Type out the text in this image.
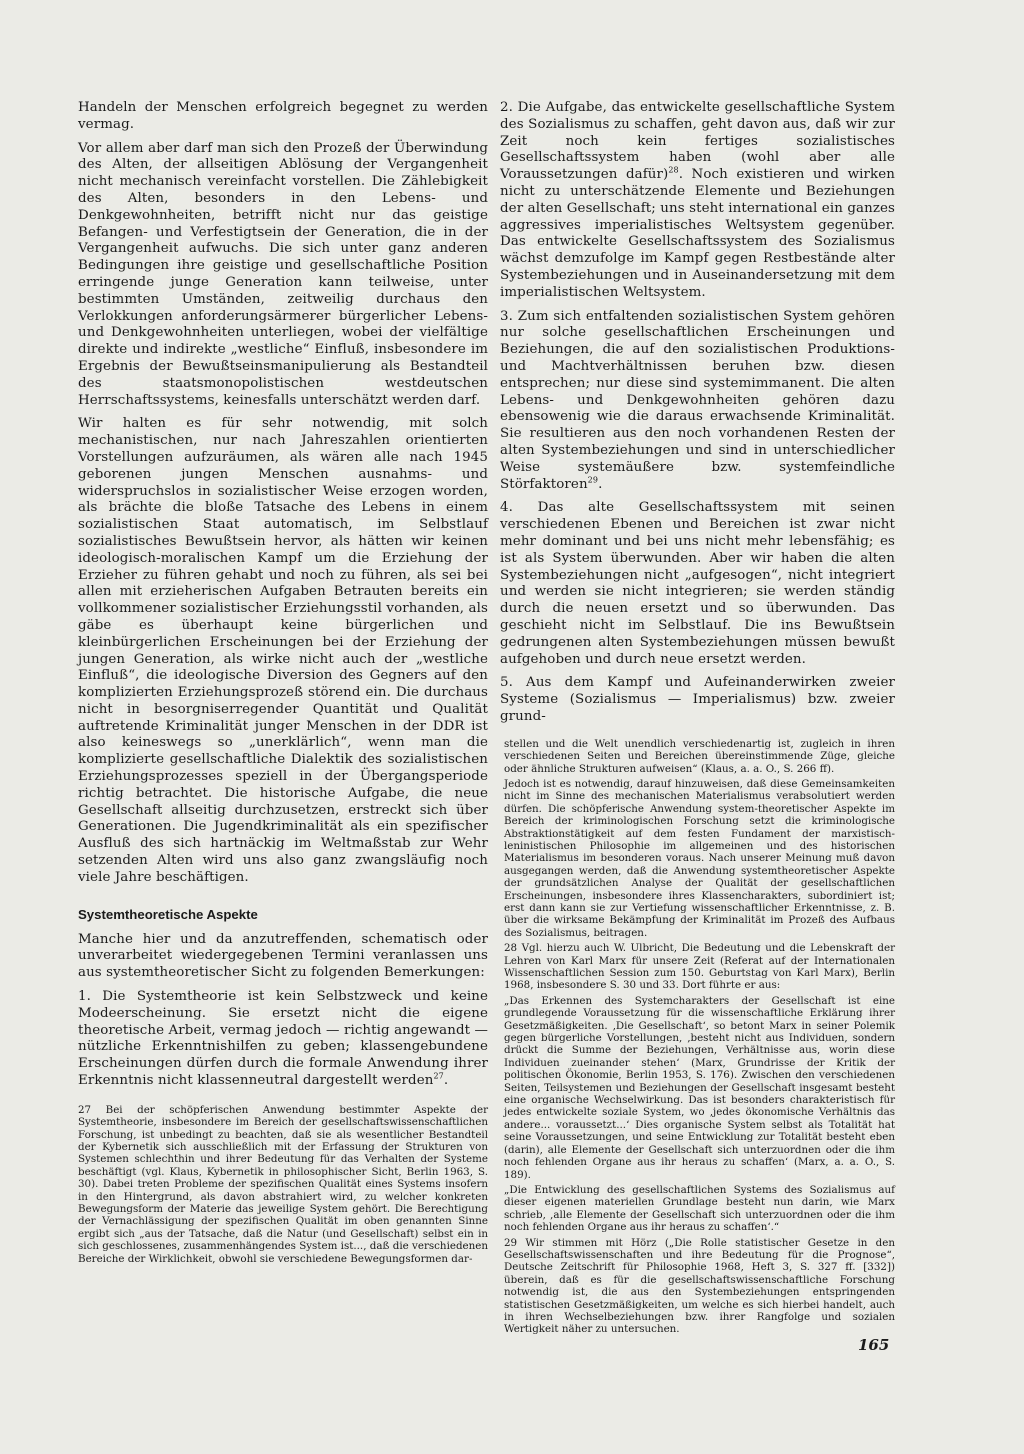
Handeln der Menschen erfolgreich begegnet zu werden vermag.

Vor allem aber darf man sich den Prozeß der Überwindung des Alten, der allseitigen Ablösung der Vergangenheit nicht mechanisch vereinfacht vorstellen. Die Zählebigkeit des Alten, besonders in den Lebens- und Denkgewohnheiten, betrifft nicht nur das geistige Befangen- und Verfestigtsein der Generation, die in der Vergangenheit aufwuchs. Die sich unter ganz anderen Bedingungen ihre geistige und gesellschaftliche Position erringende junge Generation kann teilweise, unter bestimmten Umständen, zeitweilig durchaus den Verlokkungen anforderungsärmerer bürgerlicher Lebens- und Denkgewohnheiten unterliegen, wobei der vielfältige direkte und indirekte „westliche“ Einfluß, insbesondere im Ergebnis der Bewußtseinsmanipulierung als Bestandteil des staatsmonopolistischen westdeutschen Herrschaftssystems, keinesfalls unterschätzt werden darf.

Wir halten es für sehr notwendig, mit solch mechanistischen, nur nach Jahreszahlen orientierten Vorstellungen aufzuräumen, als wären alle nach 1945 geborenen jungen Menschen ausnahms- und widerspruchslos in sozialistischer Weise erzogen worden, als brächte die bloße Tatsache des Lebens in einem sozialistischen Staat automatisch, im Selbstlauf sozialistisches Bewußtsein hervor, als hätten wir keinen ideologisch-moralischen Kampf um die Erziehung der Erzieher zu führen gehabt und noch zu führen, als sei bei allen mit erzieherischen Aufgaben Betrauten bereits ein vollkommener sozialistischer Erziehungsstil vorhanden, als gäbe es überhaupt keine bürgerlichen und kleinbürgerlichen Erscheinungen bei der Erziehung der jungen Generation, als wirke nicht auch der „westliche Einfluß“, die ideologische Diversion des Gegners auf den komplizierten Erziehungsprozeß störend ein. Die durchaus nicht in besorgniserregender Quantität und Qualität auftretende Kriminalität junger Menschen in der DDR ist also keineswegs so „unerklärlich“, wenn man die komplizierte gesellschaftliche Dialektik des sozialistischen Erziehungsprozesses speziell in der Übergangsperiode richtig betrachtet. Die historische Aufgabe, die neue Gesellschaft allseitig durchzusetzen, erstreckt sich über Generationen. Die Jugendkriminalität als ein spezifischer Ausfluß des sich hartnäckig im Weltmaßstab zur Wehr setzenden Alten wird uns also ganz zwangsläufig noch viele Jahre beschäftigen.

Systemtheoretische Aspekte

Manche hier und da anzutreffenden, schematisch oder unverarbeitet wiedergegebenen Termini veranlassen uns aus systemtheoretischer Sicht zu folgenden Bemerkungen:

1. Die Systemtheorie ist kein Selbstzweck und keine Modeerscheinung. Sie ersetzt nicht die eigene theoretische Arbeit, vermag jedoch — richtig angewandt — nützliche Erkenntnishilfen zu geben; klassengebundene Erscheinungen dürfen durch die formale Anwendung ihrer Erkenntnis nicht klassenneutral dargestellt werden$^{27}$.

27 Bei der schöpferischen Anwendung bestimmter Aspekte der Systemtheorie, insbesondere im Bereich der gesellschaftswissenschaftlichen Forschung, ist unbedingt zu beachten, daß sie als wesentlicher Bestandteil der Kybernetik sich ausschließlich mit der Erfassung der Strukturen von Systemen schlechthin und ihrer Bedeutung für das Verhalten der Systeme beschäftigt (vgl. Klaus, Kybernetik in philosophischer Sicht, Berlin 1963, S. 30). Dabei treten Probleme der spezifischen Qualität eines Systems insofern in den Hintergrund, als davon abstrahiert wird, zu welcher konkreten Bewegungsform der Materie das jeweilige System gehört. Die Berechtigung der Vernachlässigung der spezifischen Qualität im oben genannten Sinne ergibt sich „aus der Tatsache, daß die Natur (und Gesellschaft) selbst ein in sich geschlossenes, zusammenhängendes System ist..., daß die verschiedenen Bereiche der Wirklichkeit, obwohl sie verschiedene Bewegungsformen dar-

2. Die Aufgabe, das entwickelte gesellschaftliche System des Sozialismus zu schaffen, geht davon aus, daß wir zur Zeit noch kein fertiges sozialistisches Gesellschaftssystem haben (wohl aber alle Voraussetzungen dafür)$^{28}$. Noch existieren und wirken nicht zu unterschätzende Elemente und Beziehungen der alten Gesellschaft; uns steht international ein ganzes aggressives imperialistisches Weltsystem gegenüber. Das entwickelte Gesellschaftssystem des Sozialismus wächst demzufolge im Kampf gegen Restbestände alter Systembeziehungen und in Auseinandersetzung mit dem imperialistischen Weltsystem.

3. Zum sich entfaltenden sozialistischen System gehören nur solche gesellschaftlichen Erscheinungen und Beziehungen, die auf den sozialistischen Produktions- und Machtverhältnissen beruhen bzw. diesen entsprechen; nur diese sind systemimmanent. Die alten Lebens- und Denkgewohnheiten gehören dazu ebensowenig wie die daraus erwachsende Kriminalität. Sie resultieren aus den noch vorhandenen Resten der alten Systembeziehungen und sind in unterschiedlicher Weise systemäußere bzw. systemfeindliche Störfaktoren$^{29}$.

4. Das alte Gesellschaftssystem mit seinen verschiedenen Ebenen und Bereichen ist zwar nicht mehr dominant und bei uns nicht mehr lebensfähig; es ist als System überwunden. Aber wir haben die alten Systembeziehungen nicht „aufgesogen“, nicht integriert und werden sie nicht integrieren; sie werden ständig durch die neuen ersetzt und so überwunden. Das geschieht nicht im Selbstlauf. Die ins Bewußtsein gedrungenen alten Systembeziehungen müssen bewußt aufgehoben und durch neue ersetzt werden.

5. Aus dem Kampf und Aufeinanderwirken zweier Systeme (Sozialismus — Imperialismus) bzw. zweier grund-

stellen und die Welt unendlich verschiedenartig ist, zugleich in ihren verschiedenen Seiten und Bereichen übereinstimmende Züge, gleiche oder ähnliche Strukturen aufweisen“ (Klaus, a. a. O., S. 266 ff).

Jedoch ist es notwendig, darauf hinzuweisen, daß diese Gemeinsamkeiten nicht im Sinne des mechanischen Materialismus verabsolutiert werden dürfen. Die schöpferische Anwendung system-theoretischer Aspekte im Bereich der kriminologischen Forschung setzt die kriminologische Abstraktionstätigkeit auf dem festen Fundament der marxistisch-leninistischen Philosophie im allgemeinen und des historischen Materialismus im besonderen voraus. Nach unserer Meinung muß davon ausgegangen werden, daß die Anwendung systemtheoretischer Aspekte der grundsätzlichen Analyse der Qualität der gesellschaftlichen Erscheinungen, insbesondere ihres Klassencharakters, subordiniert ist; erst dann kann sie zur Vertiefung wissenschaftlicher Erkenntnisse, z. B. über die wirksame Bekämpfung der Kriminalität im Prozeß des Aufbaus des Sozialismus, beitragen.

28 Vgl. hierzu auch W. Ulbricht, Die Bedeutung und die Lebenskraft der Lehren von Karl Marx für unsere Zeit (Referat auf der Internationalen Wissenschaftlichen Session zum 150. Geburtstag von Karl Marx), Berlin 1968, insbesondere S. 30 und 33. Dort führte er aus:

„Das Erkennen des Systemcharakters der Gesellschaft ist eine grundlegende Voraussetzung für die wissenschaftliche Erklärung ihrer Gesetzmäßigkeiten. ‚Die Gesellschaft‘, so betont Marx in seiner Polemik gegen bürgerliche Vorstellungen, ‚besteht nicht aus Individuen, sondern drückt die Summe der Beziehungen, Verhältnisse aus, worin diese Individuen zueinander stehen‘ (Marx, Grundrisse der Kritik der politischen Ökonomie, Berlin 1953, S. 176). Zwischen den verschiedenen Seiten, Teilsystemen und Beziehungen der Gesellschaft insgesamt besteht eine organische Wechselwirkung. Das ist besonders charakteristisch für jedes entwickelte soziale System, wo ‚jedes ökonomische Verhältnis das andere... voraussetzt...‘ Dies organische System selbst als Totalität hat seine Voraussetzungen, und seine Entwicklung zur Totalität besteht eben (darin), alle Elemente der Gesellschaft sich unterzuordnen oder die ihm noch fehlenden Organe aus ihr heraus zu schaffen‘ (Marx, a. a. O., S. 189).

„Die Entwicklung des gesellschaftlichen Systems des Sozialismus auf dieser eigenen materiellen Grundlage besteht nun darin, wie Marx schrieb, ‚alle Elemente der Gesellschaft sich unterzuordnen oder die ihm noch fehlenden Organe aus ihr heraus zu schaffen‘.“

29 Wir stimmen mit Hörz („Die Rolle statistischer Gesetze in den Gesellschaftswissenschaften und ihre Bedeutung für die Prognose“, Deutsche Zeitschrift für Philosophie 1968, Heft 3, S. 327 ff. [332]) überein, daß es für die gesellschaftswissenschaftliche Forschung notwendig ist, die aus den Systembeziehungen entspringenden statistischen Gesetzmäßigkeiten, um welche es sich hierbei handelt, auch in ihren Wechselbeziehungen bzw. ihrer Rangfolge und sozialen Wertigkeit näher zu untersuchen.

165
